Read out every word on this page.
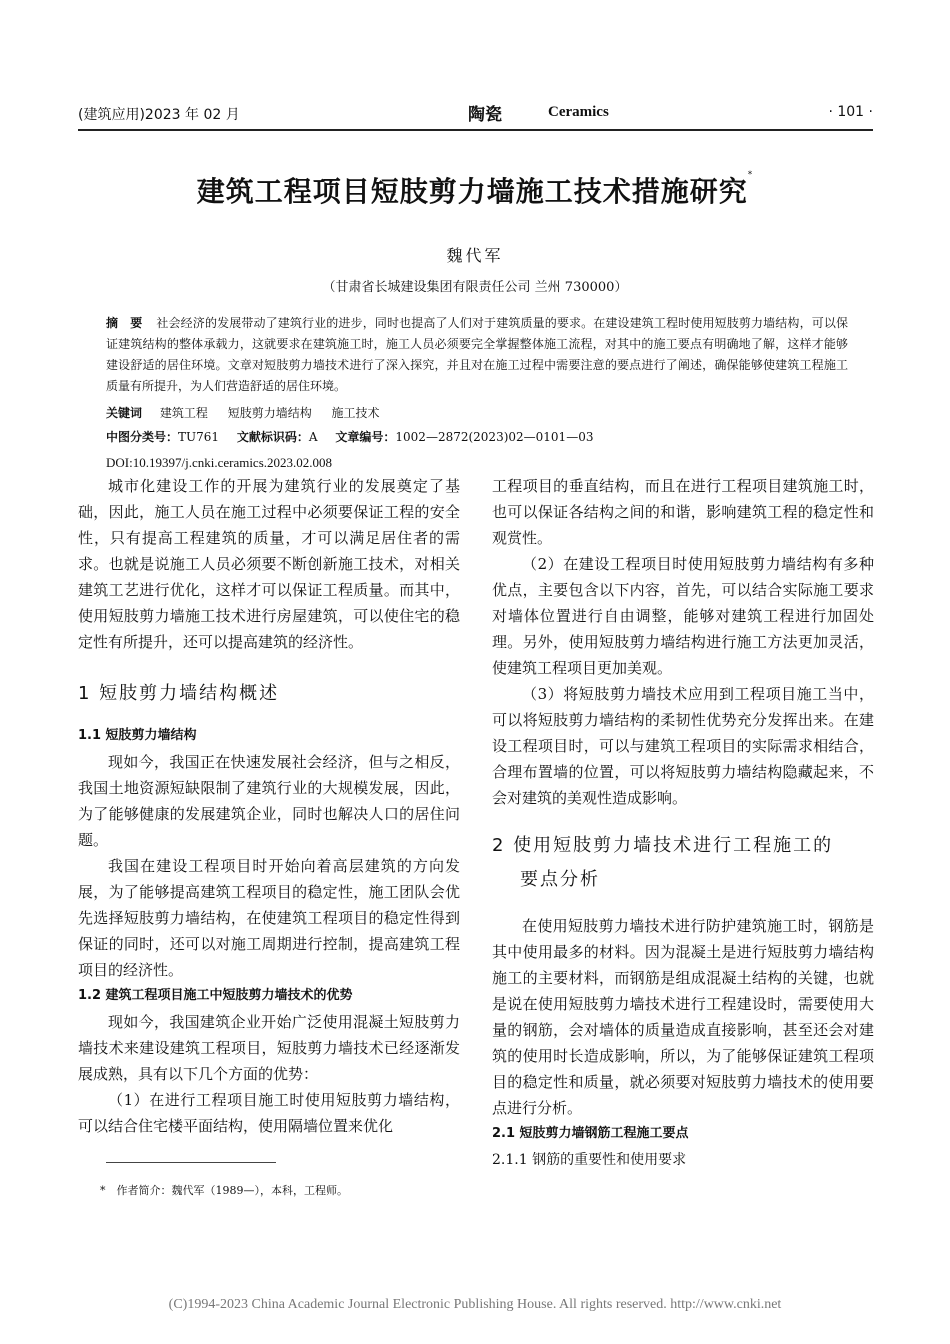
(建筑应用)2023 年 02 月	陶瓷	Ceramics	· 101 ·
建筑工程项目短肢剪力墙施工技术措施研究*
魏代军
（甘肃省长城建设集团有限责任公司 兰州 730000）
摘　要 社会经济的发展带动了建筑行业的进步，同时也提高了人们对于建筑质量的要求。在建设建筑工程时使用短肢剪力墙结构，可以保证建筑结构的整体承载力，这就要求在建筑施工时，施工人员必须要完全掌握整体施工流程，对其中的施工要点有明确地了解，这样才能够建设舒适的居住环境。文章对短肢剪力墙技术进行了深入探究，并且对在施工过程中需要注意的要点进行了阐述，确保能够使建筑工程施工质量有所提升，为人们营造舒适的居住环境。
关键词 建筑工程 短肢剪力墙结构 施工技术
中图分类号：TU761 文献标识码：A 文章编号：1002—2872(2023)02—0101—03
DOI:10.19397/j.cnki.ceramics.2023.02.008

城市化建设工作的开展为建筑行业的发展奠定了基础，因此，施工人员在施工过程中必须要保证工程的安全性，只有提高工程建筑的质量，才可以满足居住者的需求。也就是说施工人员必须要不断创新施工技术，对相关建筑工艺进行优化，这样才可以保证工程质量。而其中，使用短肢剪力墙施工技术进行房屋建筑，可以使住宅的稳定性有所提升，还可以提高建筑的经济性。

1 短肢剪力墙结构概述
1.1 短肢剪力墙结构

现如今，我国正在快速发展社会经济，但与之相反，我国土地资源短缺限制了建筑行业的大规模发展，因此，为了能够健康的发展建筑企业，同时也解决人口的居住问题。

我国在建设工程项目时开始向着高层建筑的方向发展，为了能够提高建筑工程项目的稳定性，施工团队会优先选择短肢剪力墙结构，在使建筑工程项目的稳定性得到保证的同时，还可以对施工周期进行控制，提高建筑工程项目的经济性。

1.2 建筑工程项目施工中短肢剪力墙技术的优势

现如今，我国建筑企业开始广泛使用混凝土短肢剪力墙技术来建设建筑工程项目，短肢剪力墙技术已经逐渐发展成熟，具有以下几个方面的优势：

（1）在进行工程项目施工时使用短肢剪力墙结构，可以结合住宅楼平面结构，使用隔墙位置来优化

工程项目的垂直结构，而且在进行工程项目建筑施工时，也可以保证各结构之间的和谐，影响建筑工程的稳定性和观赏性。

（2）在建设工程项目时使用短肢剪力墙结构有多种优点，主要包含以下内容，首先，可以结合实际施工要求对墙体位置进行自由调整，能够对建筑工程进行加固处理。另外，使用短肢剪力墙结构进行施工方法更加灵活，使建筑工程项目更加美观。

（3）将短肢剪力墙技术应用到工程项目施工当中，可以将短肢剪力墙结构的柔韧性优势充分发挥出来。在建设工程项目时，可以与建筑工程项目的实际需求相结合，合理布置墙的位置，可以将短肢剪力墙结构隐藏起来，不会对建筑的美观性造成影响。

2 使用短肢剪力墙技术进行工程施工的
要点分析

在使用短肢剪力墙技术进行防护建筑施工时，钢筋是其中使用最多的材料。因为混凝土是进行短肢剪力墙结构施工的主要材料，而钢筋是组成混凝土结构的关键，也就是说在使用短肢剪力墙技术进行工程建设时，需要使用大量的钢筋，会对墙体的质量造成直接影响，甚至还会对建筑的使用时长造成影响，所以，为了能够保证建筑工程项目的稳定性和质量，就必须要对短肢剪力墙技术的使用要点进行分析。

2.1 短肢剪力墙钢筋工程施工要点
2.1.1 钢筋的重要性和使用要求
*　作者简介：魏代军（1989—），本科，工程师。
(C)1994-2023 China Academic Journal Electronic Publishing House. All rights reserved. http://www.cnki.net
